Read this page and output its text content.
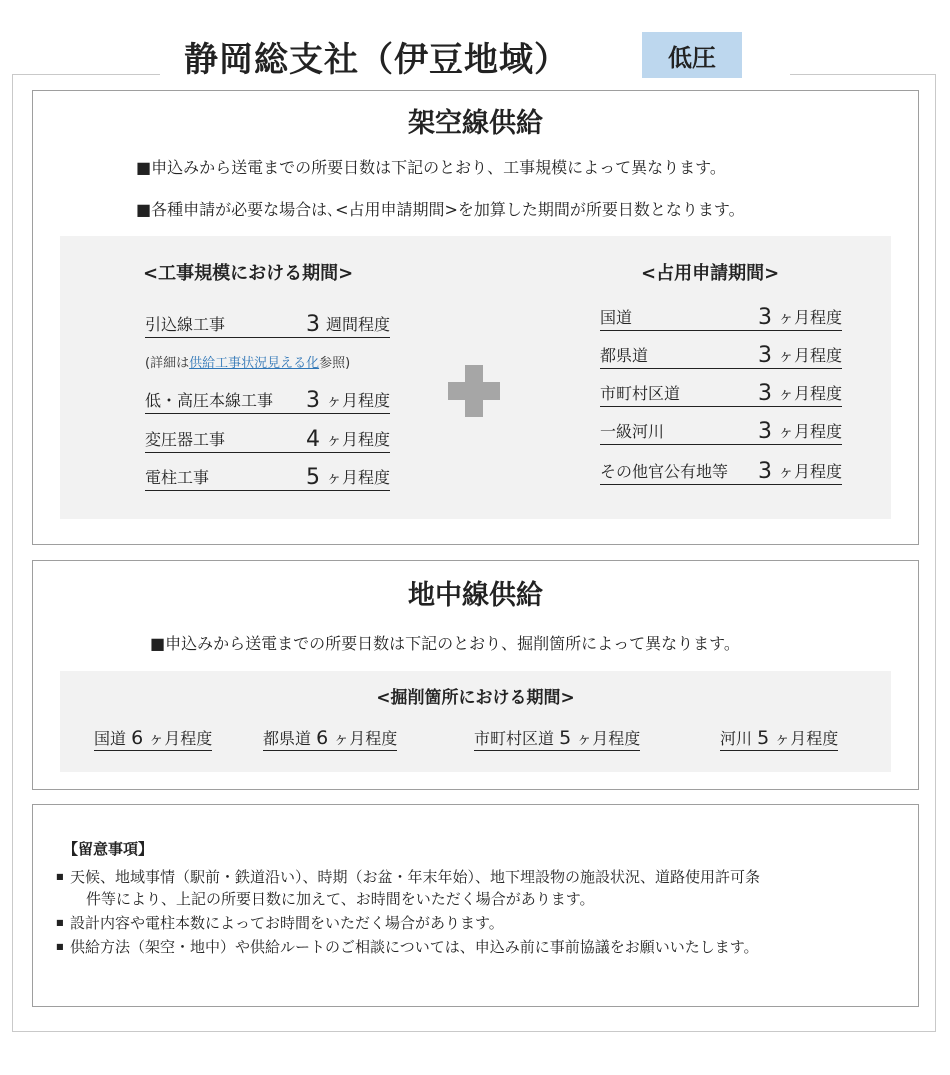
静岡総支社（伊豆地域）	低圧
架空線供給
■申込みから送電までの所要日数は下記のとおり、工事規模によって異なります。
■各種申請が必要な場合は､<占用申請期間>を加算した期間が所要日数となります。
<工事規模における期間>	<占用申請期間>
引込線工事	3 週間程度
(詳細は供給工事状況見える化参照)
低・高圧本線工事	3 ヶ月程度
変圧器工事	4 ヶ月程度
電柱工事	5 ヶ月程度
国道	3 ヶ月程度
都県道	3 ヶ月程度
市町村区道	3 ヶ月程度
一級河川	3 ヶ月程度
その他官公有地等	3 ヶ月程度
地中線供給
■申込みから送電までの所要日数は下記のとおり、掘削箇所によって異なります。
<掘削箇所における期間>
国道 6 ヶ月程度	都県道 6 ヶ月程度	市町村区道 5 ヶ月程度	河川 5 ヶ月程度
【留意事項】
■ 天候、地域事情（駅前・鉄道沿い）、時期（お盆・年末年始）、地下埋設物の施設状況、道路使用許可条
件等により、上記の所要日数に加えて、お時間をいただく場合があります。
■ 設計内容や電柱本数によってお時間をいただく場合があります。
■ 供給方法（架空・地中）や供給ルートのご相談については、申込み前に事前協議をお願いいたします。
